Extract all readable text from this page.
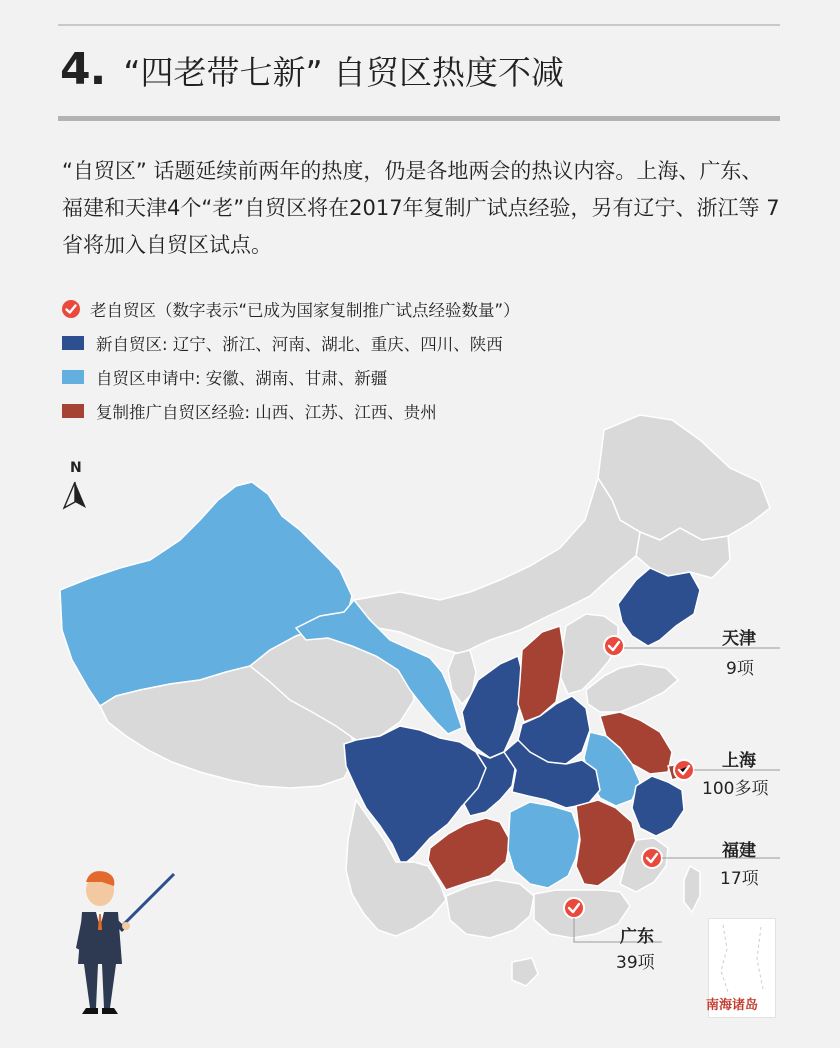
4. “四老带七新” 自贸区热度不减
“自贸区” 话题延续前两年的热度，仍是各地两会的热议内容。上海、广东、福建和天津4个“老”自贸区将在2017年复制广试点经验，另有辽宁、浙江等 7 省将加入自贸区试点。
老自贸区（数字表示“已成为国家复制推广试点经验数量”）
新自贸区: 辽宁、浙江、河南、湖北、重庆、四川、陕西
自贸区申请中: 安徽、湖南、甘肃、新疆
复制推广自贸区经验: 山西、江苏、江西、贵州
天津
9项
上海
100多项
福建
17项
广东
39项
N
南海诸岛
